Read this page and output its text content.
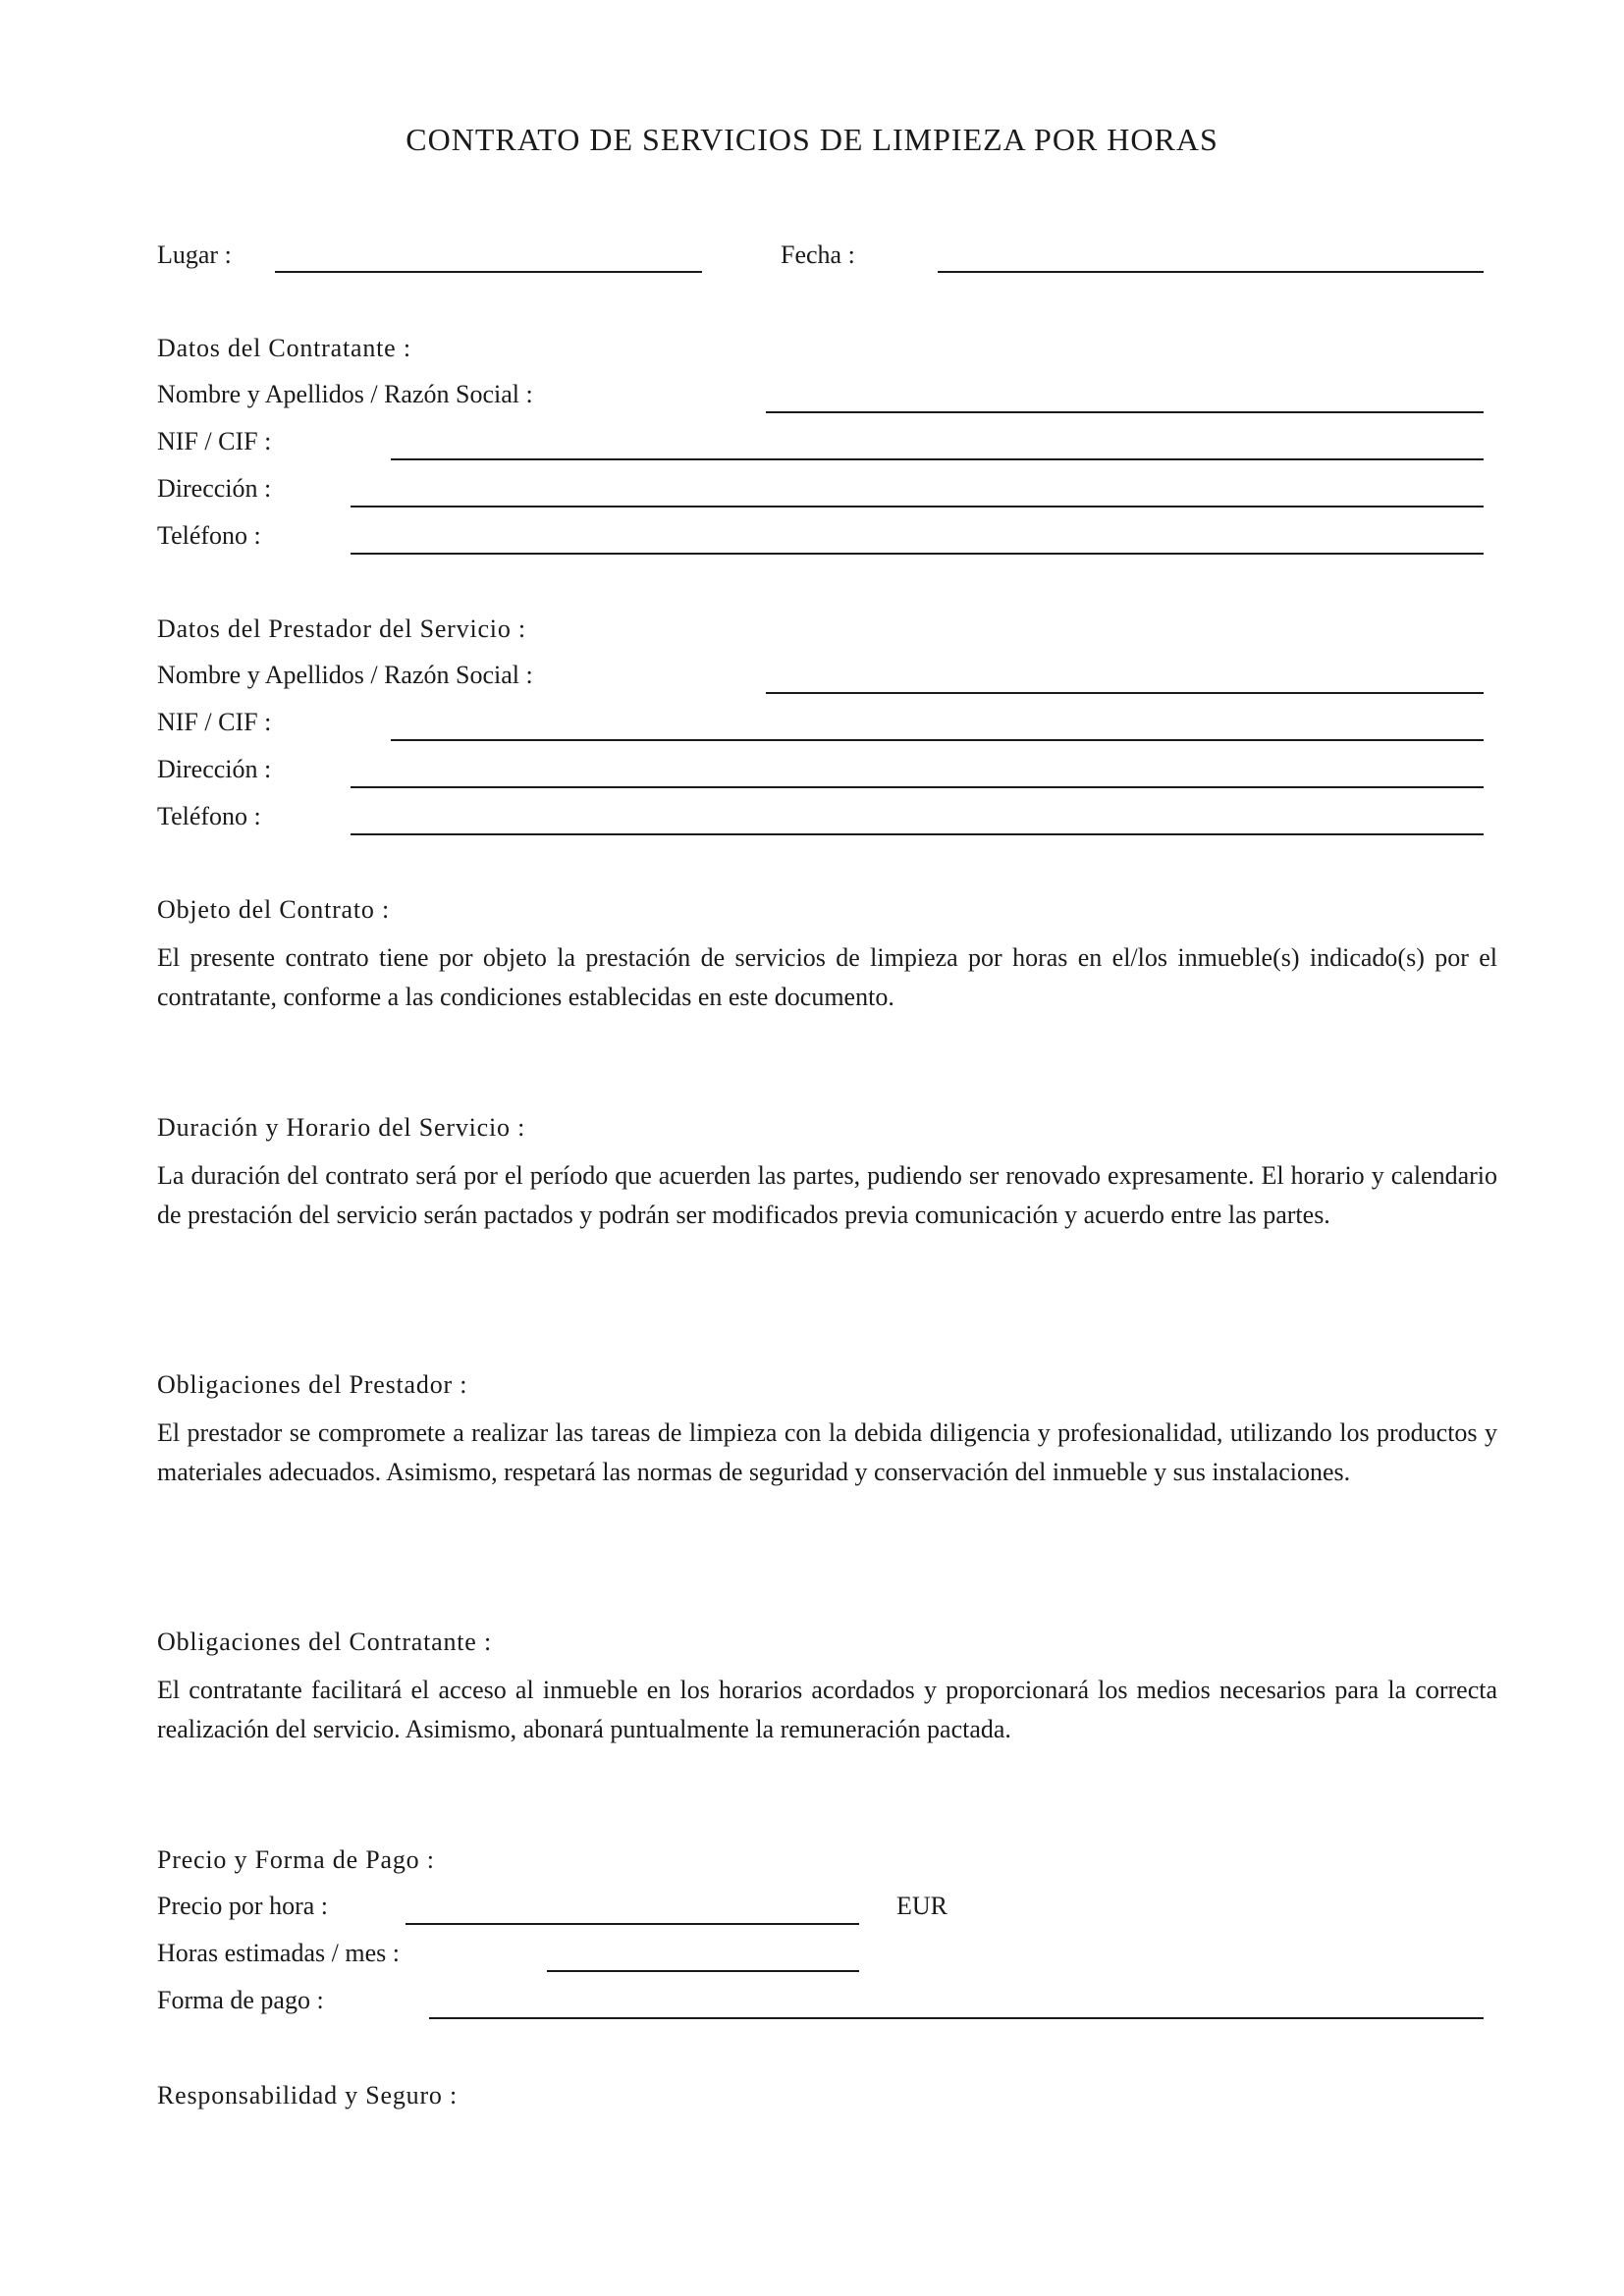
CONTRATO DE SERVICIOS DE LIMPIEZA POR HORAS
Lugar :	Fecha :
Datos del Contratante :
Nombre y Apellidos / Razón Social :
NIF / CIF :
Dirección :
Teléfono :
Datos del Prestador del Servicio :
Nombre y Apellidos / Razón Social :
NIF / CIF :
Dirección :
Teléfono :
Objeto del Contrato :
El presente contrato tiene por objeto la prestación de servicios de limpieza por horas en el/los inmueble(s) indicado(s) por el contratante, conforme a las condiciones establecidas en este documento.
Duración y Horario del Servicio :
La duración del contrato será por el período que acuerden las partes, pudiendo ser renovado expresamente. El horario y calendario de prestación del servicio serán pactados y podrán ser modificados previa comunicación y acuerdo entre las partes.
Obligaciones del Prestador :
El prestador se compromete a realizar las tareas de limpieza con la debida diligencia y profesionalidad, utilizando los productos y materiales adecuados. Asimismo, respetará las normas de seguridad y conservación del inmueble y sus instalaciones.
Obligaciones del Contratante :
El contratante facilitará el acceso al inmueble en los horarios acordados y proporcionará los medios necesarios para la correcta realización del servicio. Asimismo, abonará puntualmente la remuneración pactada.
Precio y Forma de Pago :
Precio por hora :	EUR
Horas estimadas / mes :
Forma de pago :
Responsabilidad y Seguro :
